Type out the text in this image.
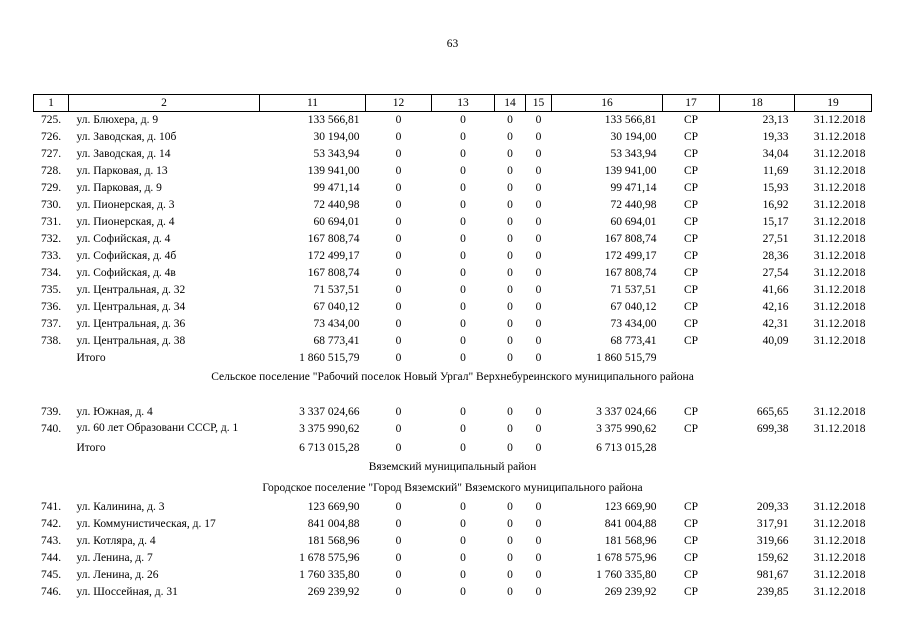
63
1	2	11	12	13	14	15	16	17	18	19
725.	ул. Блюхера, д. 9	133 566,81	0	0	0	0	133 566,81	СР	23,13	31.12.2018
726.	ул. Заводская, д. 10б	30 194,00	0	0	0	0	30 194,00	СР	19,33	31.12.2018
727.	ул. Заводская, д. 14	53 343,94	0	0	0	0	53 343,94	СР	34,04	31.12.2018
728.	ул. Парковая, д. 13	139 941,00	0	0	0	0	139 941,00	СР	11,69	31.12.2018
729.	ул. Парковая, д. 9	99 471,14	0	0	0	0	99 471,14	СР	15,93	31.12.2018
730.	ул. Пионерская, д. 3	72 440,98	0	0	0	0	72 440,98	СР	16,92	31.12.2018
731.	ул. Пионерская, д. 4	60 694,01	0	0	0	0	60 694,01	СР	15,17	31.12.2018
732.	ул. Софийская, д. 4	167 808,74	0	0	0	0	167 808,74	СР	27,51	31.12.2018
733.	ул. Софийская, д. 4б	172 499,17	0	0	0	0	172 499,17	СР	28,36	31.12.2018
734.	ул. Софийская, д. 4в	167 808,74	0	0	0	0	167 808,74	СР	27,54	31.12.2018
735.	ул. Центральная, д. 32	71 537,51	0	0	0	0	71 537,51	СР	41,66	31.12.2018
736.	ул. Центральная, д. 34	67 040,12	0	0	0	0	67 040,12	СР	42,16	31.12.2018
737.	ул. Центральная, д. 36	73 434,00	0	0	0	0	73 434,00	СР	42,31	31.12.2018
738.	ул. Центральная, д. 38	68 773,41	0	0	0	0	68 773,41	СР	40,09	31.12.2018
	Итого	1 860 515,79	0	0	0	0	1 860 515,79			
Сельское поселение "Рабочий поселок Новый Ургал" Верхнебуреинского муниципального района										

739.	ул. Южная, д. 4	3 337 024,66	0	0	0	0	3 337 024,66	СР	665,65	31.12.2018
740.	ул. 60 лет Образовани СССР, д. 1	3 375 990,62	0	0	0	0	3 375 990,62	СР	699,38	31.12.2018
	Итого	6 713 015,28	0	0	0	0	6 713 015,28			
Вяземский муниципальный район										
Городское поселение "Город Вяземский" Вяземского муниципального района										
741.	ул. Калинина, д. 3	123 669,90	0	0	0	0	123 669,90	СР	209,33	31.12.2018
742.	ул. Коммунистическая, д. 17	841 004,88	0	0	0	0	841 004,88	СР	317,91	31.12.2018
743.	ул. Котляра, д. 4	181 568,96	0	0	0	0	181 568,96	СР	319,66	31.12.2018
744.	ул. Ленина, д. 7	1 678 575,96	0	0	0	0	1 678 575,96	СР	159,62	31.12.2018
745.	ул. Ленина, д. 26	1 760 335,80	0	0	0	0	1 760 335,80	СР	981,67	31.12.2018
746.	ул. Шоссейная, д. 31	269 239,92	0	0	0	0	269 239,92	СР	239,85	31.12.2018
